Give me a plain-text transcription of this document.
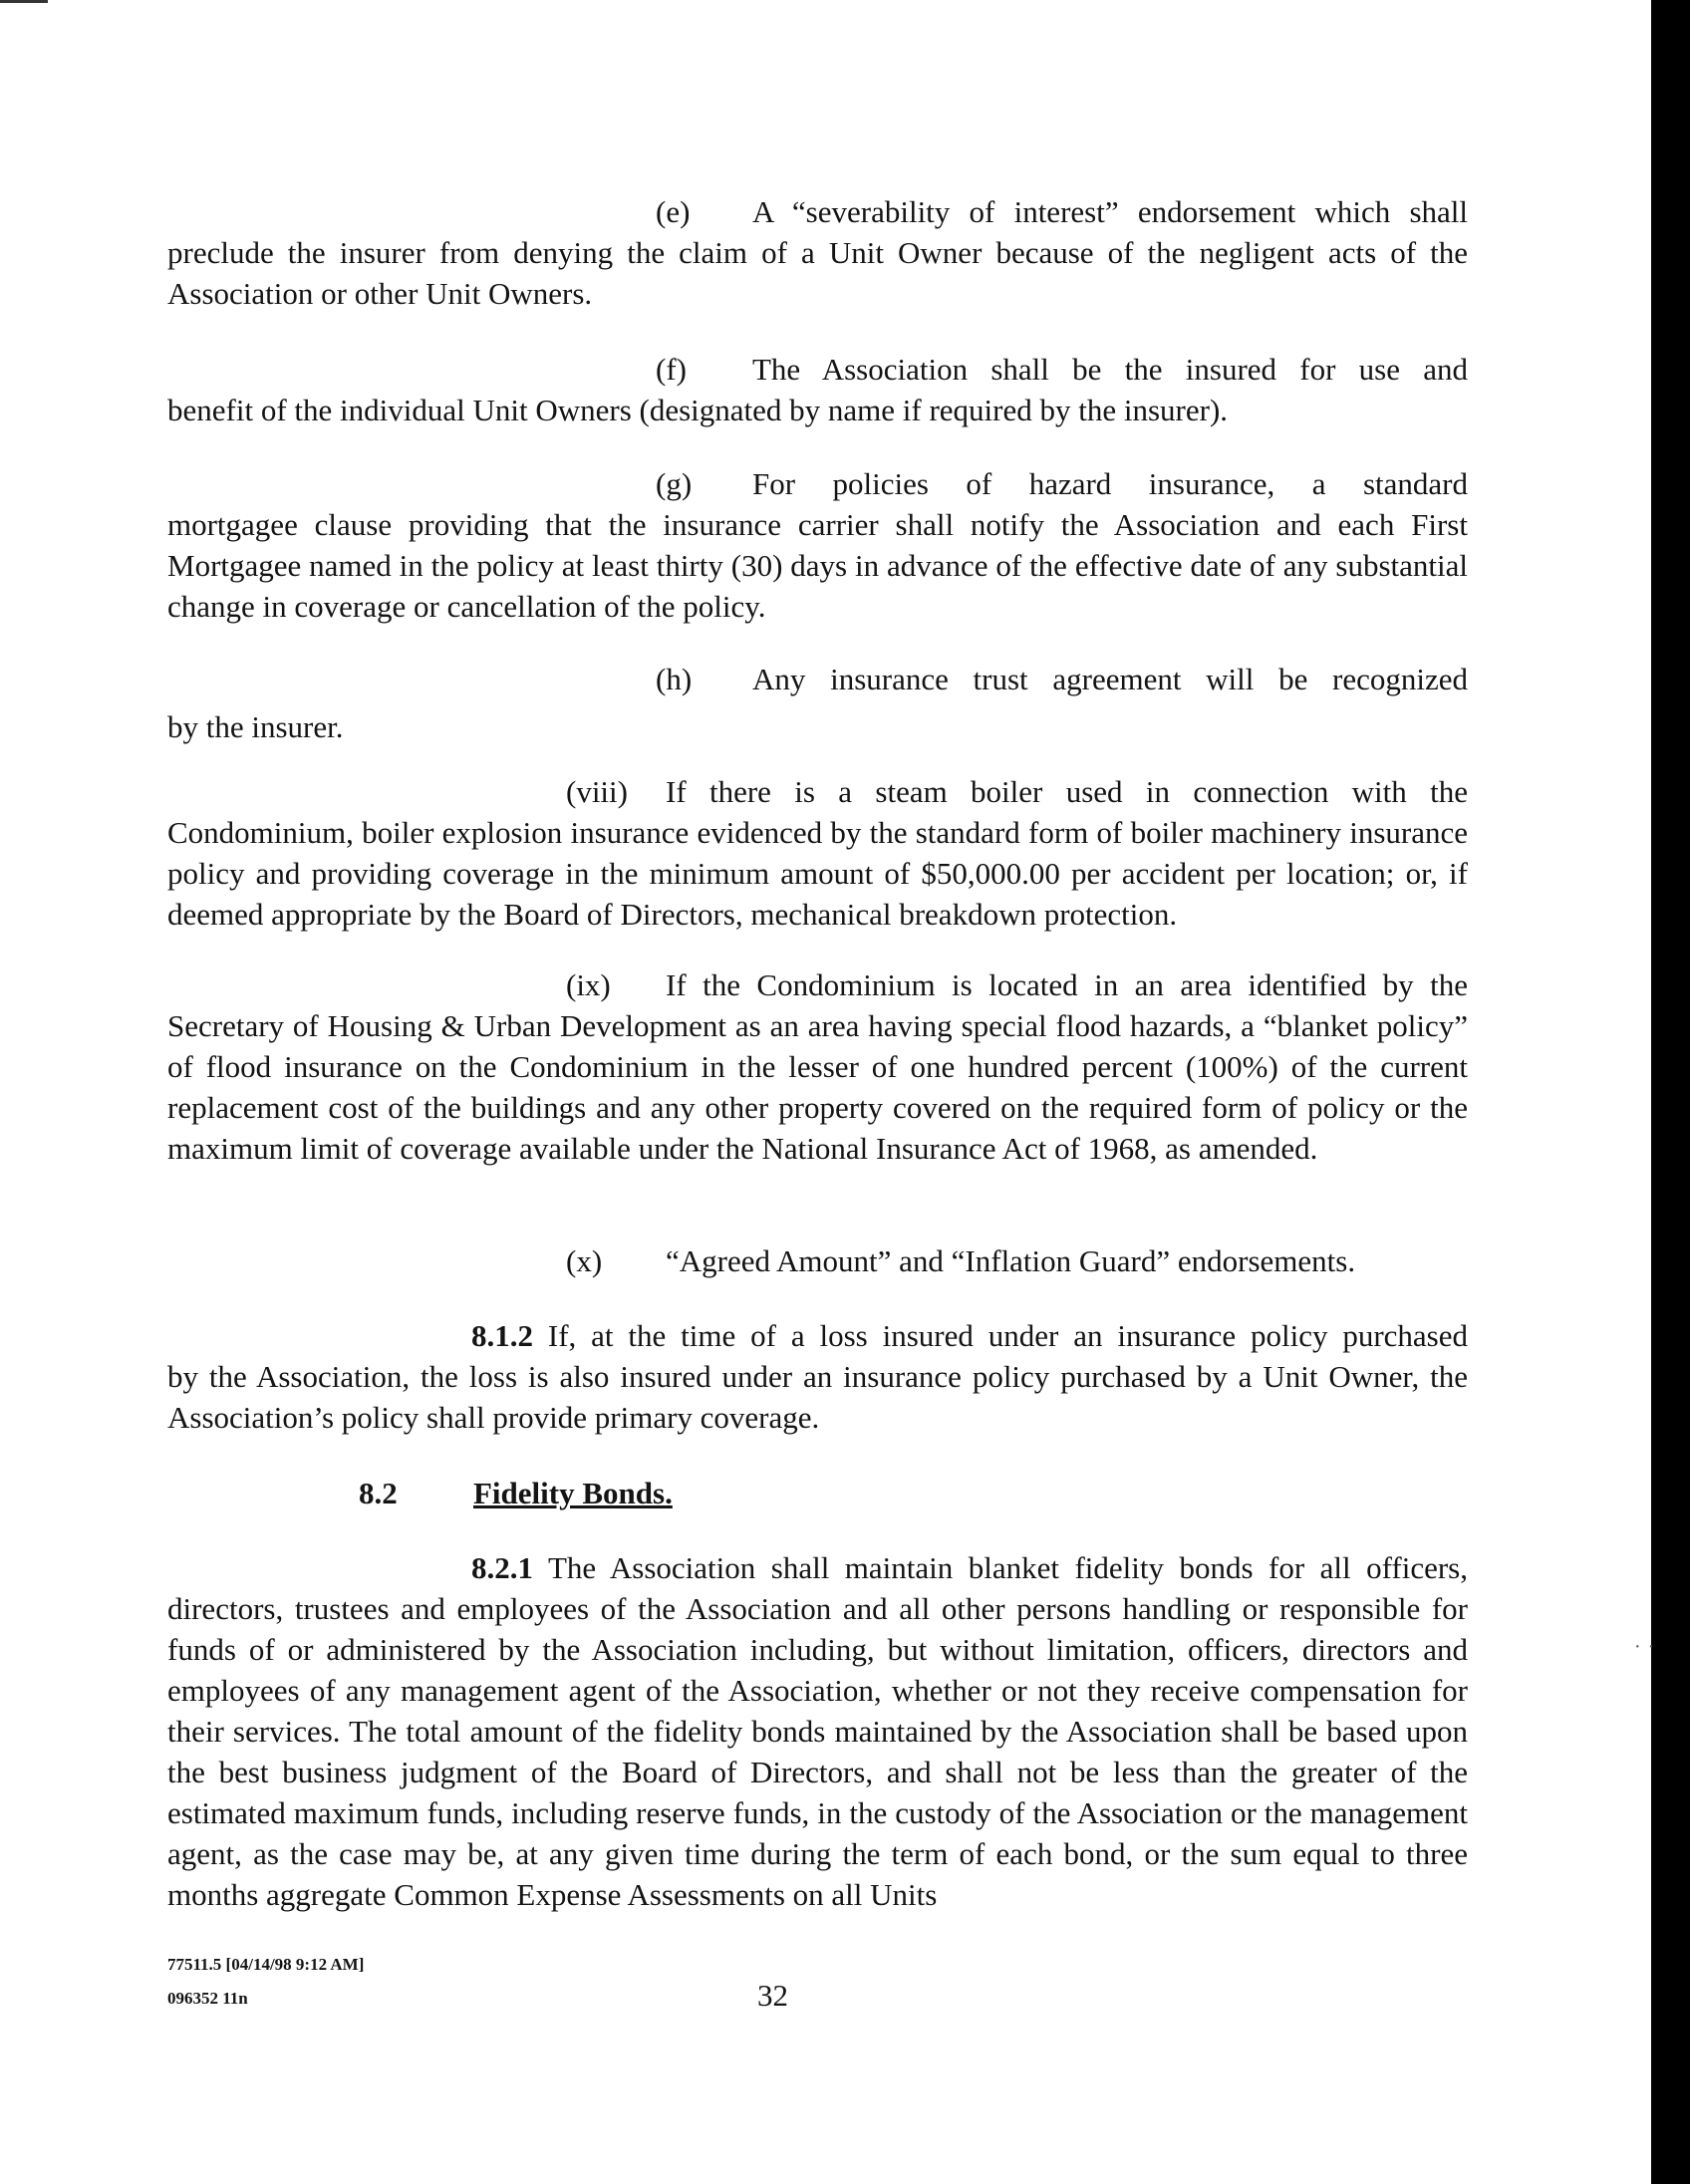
· ·
(e) A “severability of interest” endorsement which shall
preclude the insurer from denying the claim of a Unit Owner because of the negligent acts of the Association or other Unit Owners.
(f) The Association shall be the insured for use and
benefit of the individual Unit Owners (designated by name if required by the insurer).
(g) For policies of hazard insurance, a standard
mortgagee clause providing that the insurance carrier shall notify the Association and each First Mortgagee named in the policy at least thirty (30) days in advance of the effective date of any substantial change in coverage or cancellation of the policy.
(h) Any insurance trust agreement will be recognized
by the insurer.
(viii) If there is a steam boiler used in connection with the
Condominium, boiler explosion insurance evidenced by the standard form of boiler machinery insurance policy and providing coverage in the minimum amount of $50,000.00 per accident per location; or, if deemed appropriate by the Board of Directors, mechanical breakdown protection.
(ix) If the Condominium is located in an area identified by the
Secretary of Housing & Urban Development as an area having special flood hazards, a “blanket policy” of flood insurance on the Condominium in the lesser of one hundred percent (100%) of the current replacement cost of the buildings and any other property covered on the required form of policy or the maximum limit of coverage available under the National Insurance Act of 1968, as amended.
(x) “Agreed Amount” and “Inflation Guard” endorsements.
8.1.2 If, at the time of a loss insured under an insurance policy purchased
by the Association, the loss is also insured under an insurance policy purchased by a Unit Owner, the Association’s policy shall provide primary coverage.
8.2 Fidelity Bonds.
8.2.1 The Association shall maintain blanket fidelity bonds for all officers,
directors, trustees and employees of the Association and all other persons handling or responsible for funds of or administered by the Association including, but without limitation, officers, directors and employees of any management agent of the Association, whether or not they receive compensation for their services. The total amount of the fidelity bonds maintained by the Association shall be based upon the best business judgment of the Board of Directors, and shall not be less than the greater of the estimated maximum funds, including reserve funds, in the custody of the Association or the management agent, as the case may be, at any given time during the term of each bond, or the sum equal to three months aggregate Common Expense Assessments on all Units
77511.5 [04/14/98 9:12 AM]
096352 11n	32
